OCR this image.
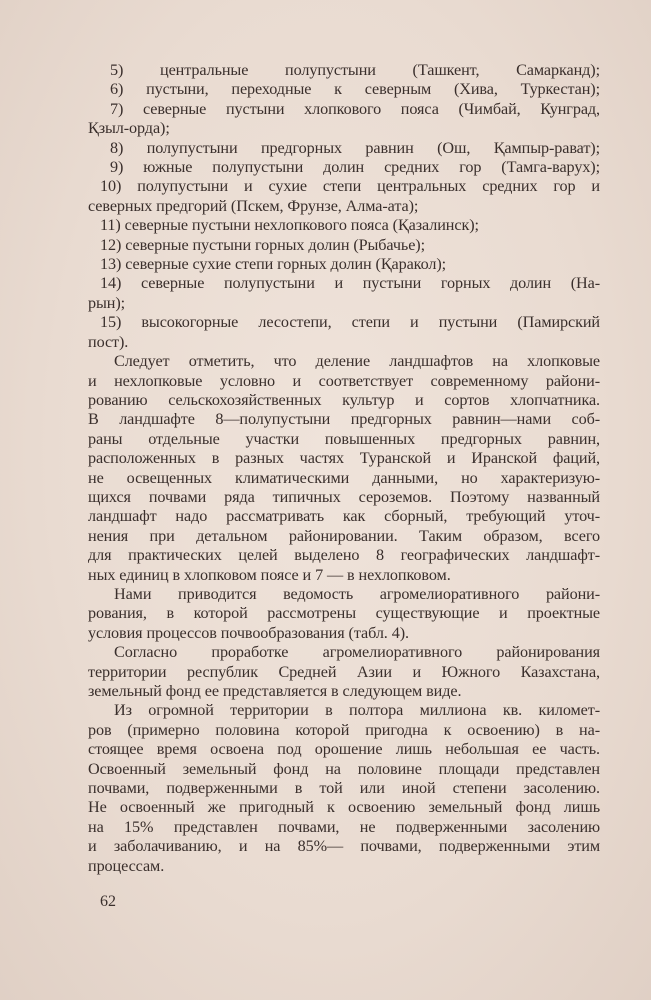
5) центральные полупустыни (Ташкент, Самарканд);
6) пустыни, переходные к северным (Хива, Туркестан);
7) северные пустыни хлопкового пояса (Чимбай, Кунград,
Қзыл-орда);
8) полупустыни предгорных равнин (Ош, Қампыр-рават);
9) южные полупустыни долин средних гор (Тамга-варух);
10) полупустыни и сухие степи центральных средних гор и
северных предгорий (Пскем, Фрунзе, Алма-ата);
11) северные пустыни нехлопкового пояса (Қазалинск);
12) северные пустыни горных долин (Рыбачье);
13) северные сухие степи горных долин (Қаракол);
14) северные полупустыни и пустыни горных долин (На-
рын);
15) высокогорные лесостепи, степи и пустыни (Памирский
пост).
Следует отметить, что деление ландшафтов на хлопковые
и нехлопковые условно и соответствует современному райони-
рованию сельскохозяйственных культур и сортов хлопчатника.
В ландшафте 8—полупустыни предгорных равнин—нами соб-
раны отдельные участки повышенных предгорных равнин,
расположенных в разных частях Туранской и Иранской фаций,
не освещенных климатическими данными, но характеризую-
щихся почвами ряда типичных сероземов. Поэтому названный
ландшафт надо рассматривать как сборный, требующий уточ-
нения при детальном районировании. Таким образом, всего
для практических целей выделено 8 географических ландшафт-
ных единиц в хлопковом поясе и 7 — в нехлопковом.
Нами приводится ведомость агромелиоративного райони-
рования, в которой рассмотрены существующие и проектные
условия процессов почвообразования (табл. 4).
Согласно проработке агромелиоративного районирования
территории республик Средней Азии и Южного Казахстана,
земельный фонд ее представляется в следующем виде.
Из огромной территории в полтора миллиона кв. километ-
ров (примерно половина которой пригодна к освоению) в на-
стоящее время освоена под орошение лишь небольшая ее часть.
Освоенный земельный фонд на половине площади представлен
почвами, подверженными в той или иной степени засолению.
Не освоенный же пригодный к освоению земельный фонд лишь
на 15% представлен почвами, не подверженными засолению
и заболачиванию, и на 85%— почвами, подверженными этим
процессам.
62
